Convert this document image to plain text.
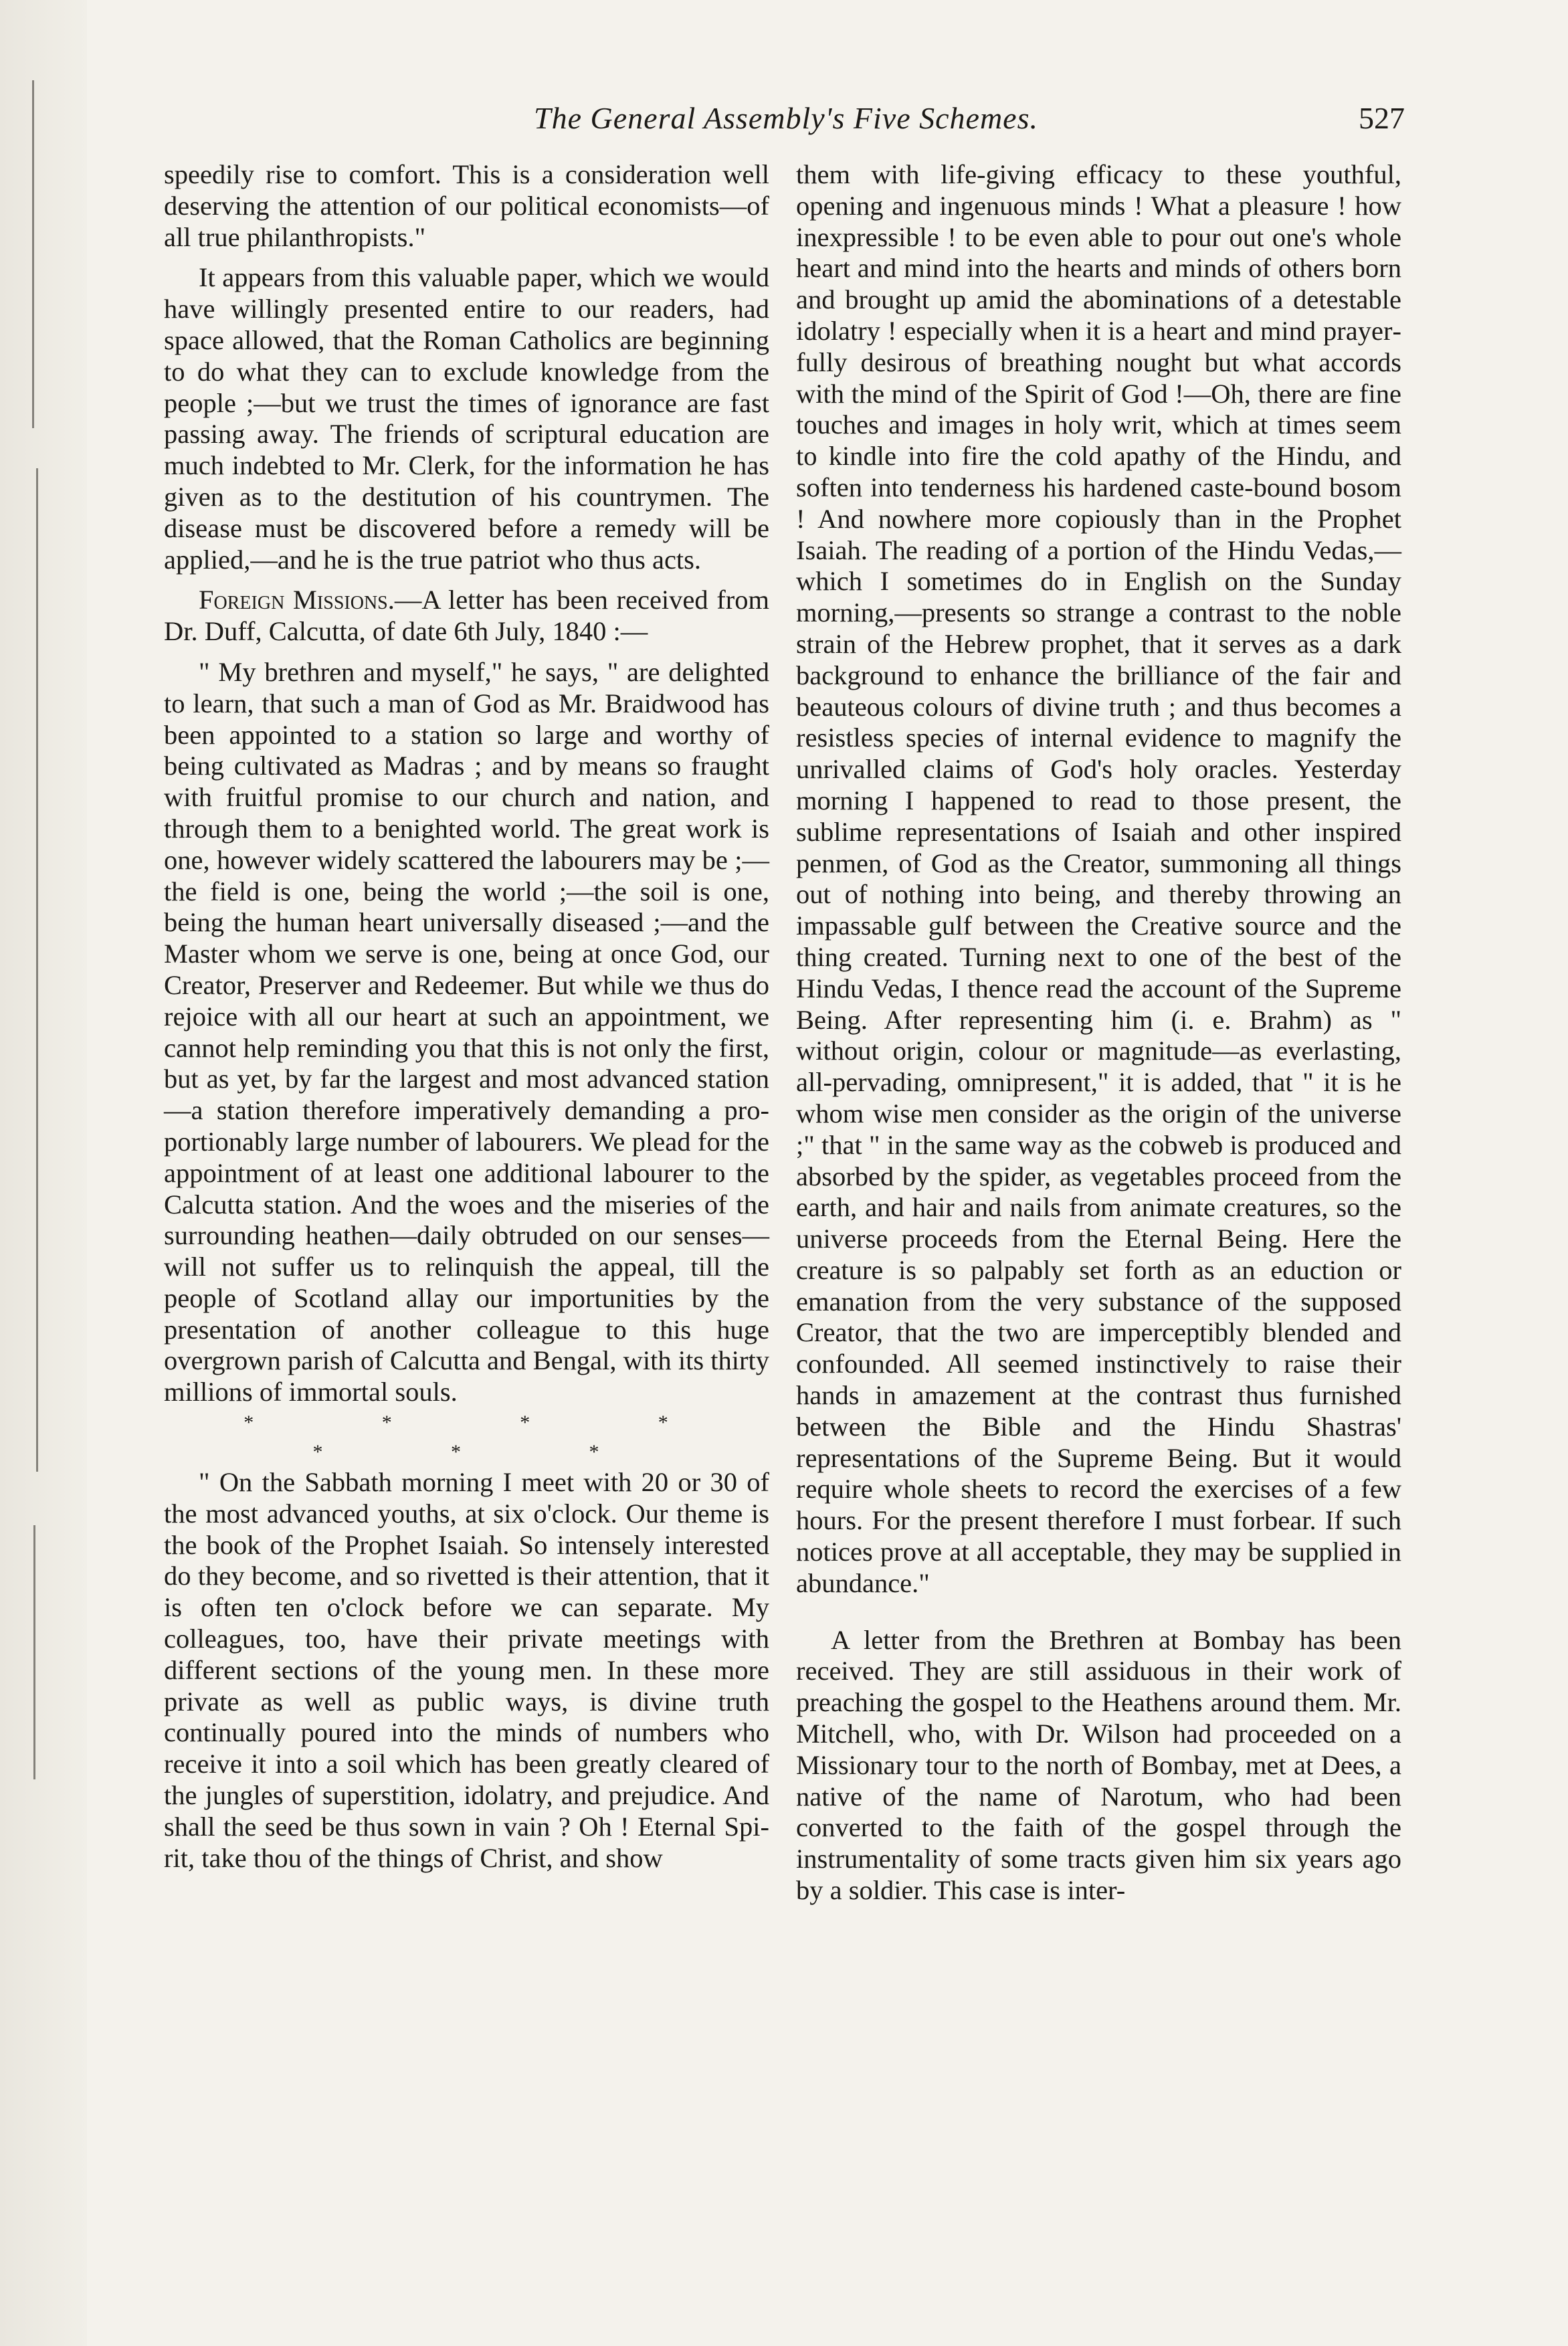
The General Assembly's Five Schemes.	527

speedily rise to comfort. This is a consideration well deserving the attention of our political economists—of all true philanthropists."

It appears from this valuable paper, which we would have willingly presented entire to our readers, had space allowed, that the Roman Catholics are beginning to do what they can to exclude knowledge from the people ;—but we trust the times of ignorance are fast passing away. The friends of scriptural education are much indebted to Mr. Clerk, for the information he has given as to the destitution of his countrymen. The disease must be discovered before a remedy will be applied,—and he is the true patriot who thus acts.

Foreign Missions.—A letter has been received from Dr. Duff, Calcutta, of date 6th July, 1840 :—

" My brethren and myself," he says, " are delighted to learn, that such a man of God as Mr. Braidwood has been appointed to a station so large and worthy of being cultivated as Madras ; and by means so fraught with fruitful promise to our church and nation, and through them to a benighted world. The great work is one, however widely scattered the labourers may be ;—the field is one, being the world ;—the soil is one, being the human heart universally diseased ;—and the Master whom we serve is one, being at once God, our Creator, Preserver and Redeemer. But while we thus do rejoice with all our heart at such an appointment, we cannot help reminding you that this is not only the first, but as yet, by far the largest and most advanced station—a station therefore imperatively demanding a proportionably large number of labourers. We plead for the appointment of at least one additional labourer to the Calcutta station. And the woes and the miseries of the surrounding heathen—daily obtruded on our senses—will not suffer us to relinquish the appeal, till the people of Scotland allay our importunities by the presentation of another colleague to this huge overgrown parish of Calcutta and Bengal, with its thirty millions of immortal souls.

* * * * * * *

" On the Sabbath morning I meet with 20 or 30 of the most advanced youths, at six o'clock. Our theme is the book of the Prophet Isaiah. So intensely interested do they become, and so rivetted is their attention, that it is often ten o'clock before we can separate. My colleagues, too, have their private meetings with different sections of the young men. In these more private as well as public ways, is divine truth continually poured into the minds of numbers who receive it into a soil which has been greatly cleared of the jungles of superstition, idolatry, and prejudice. And shall the seed be thus sown in vain ? Oh ! Eternal Spirit, take thou of the things of Christ, and show

them with life-giving efficacy to these youthful, opening and ingenuous minds ! What a pleasure ! how inexpressible ! to be even able to pour out one's whole heart and mind into the hearts and minds of others born and brought up amid the abominations of a detestable idolatry ! especially when it is a heart and mind prayerfully desirous of breathing nought but what accords with the mind of the Spirit of God !—Oh, there are fine touches and images in holy writ, which at times seem to kindle into fire the cold apathy of the Hindu, and soften into tenderness his hardened caste-bound bosom ! And nowhere more copiously than in the Prophet Isaiah. The reading of a portion of the Hindu Vedas,—which I sometimes do in English on the Sunday morning,—presents so strange a contrast to the noble strain of the Hebrew prophet, that it serves as a dark background to enhance the brilliance of the fair and beauteous colours of divine truth ; and thus becomes a resistless species of internal evidence to magnify the unrivalled claims of God's holy oracles. Yesterday morning I happened to read to those present, the sublime representations of Isaiah and other inspired penmen, of God as the Creator, summoning all things out of nothing into being, and thereby throwing an impassable gulf between the Creative source and the thing created. Turning next to one of the best of the Hindu Vedas, I thence read the account of the Supreme Being. After representing him (i. e. Brahm) as " without origin, colour or magnitude—as everlasting, all-pervading, omnipresent," it is added, that " it is he whom wise men consider as the origin of the universe ;" that " in the same way as the cobweb is produced and absorbed by the spider, as vegetables proceed from the earth, and hair and nails from animate creatures, so the universe proceeds from the Eternal Being. Here the creature is so palpably set forth as an eduction or emanation from the very substance of the supposed Creator, that the two are imperceptibly blended and confounded. All seemed instinctively to raise their hands in amazement at the contrast thus furnished between the Bible and the Hindu Shastras' representations of the Supreme Being. But it would require whole sheets to record the exercises of a few hours. For the present therefore I must forbear. If such notices prove at all acceptable, they may be supplied in abundance."

A letter from the Brethren at Bombay has been received. They are still assiduous in their work of preaching the gospel to the Heathens around them. Mr. Mitchell, who, with Dr. Wilson had proceeded on a Missionary tour to the north of Bombay, met at Dees, a native of the name of Narotum, who had been converted to the faith of the gospel through the instrumentality of some tracts given him six years ago by a soldier. This case is inter-
